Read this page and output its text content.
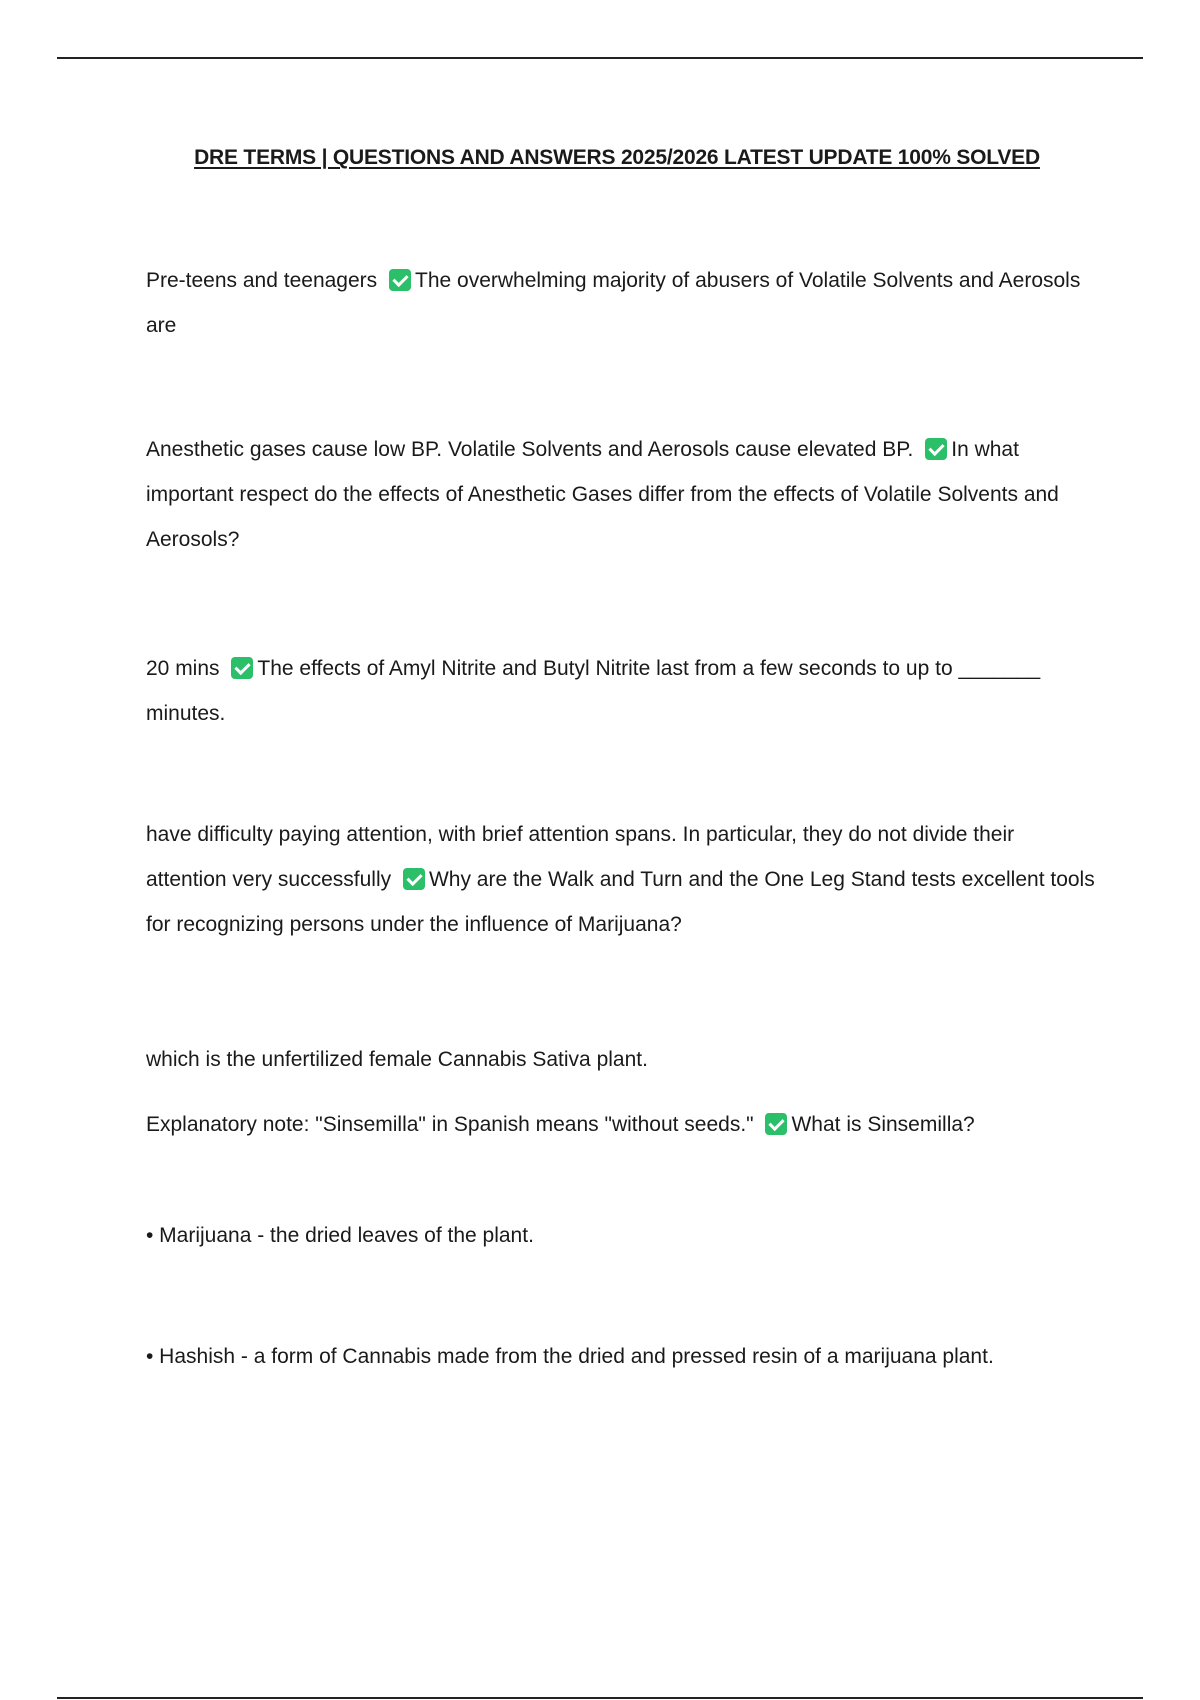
DRE TERMS | QUESTIONS AND ANSWERS 2025/2026 LATEST UPDATE 100% SOLVED
Pre-teens and teenagers The overwhelming majority of abusers of Volatile Solvents and Aerosols are
Anesthetic gases cause low BP. Volatile Solvents and Aerosols cause elevated BP. In what important respect do the effects of Anesthetic Gases differ from the effects of Volatile Solvents and Aerosols?
20 mins The effects of Amyl Nitrite and Butyl Nitrite last from a few seconds to up to _______ minutes.
have difficulty paying attention, with brief attention spans. In particular, they do not divide their attention very successfully Why are the Walk and Turn and the One Leg Stand tests excellent tools for recognizing persons under the influence of Marijuana?
which is the unfertilized female Cannabis Sativa plant.
Explanatory note: "Sinsemilla" in Spanish means "without seeds." What is Sinsemilla?
• Marijuana - the dried leaves of the plant.
• Hashish - a form of Cannabis made from the dried and pressed resin of a marijuana plant.
